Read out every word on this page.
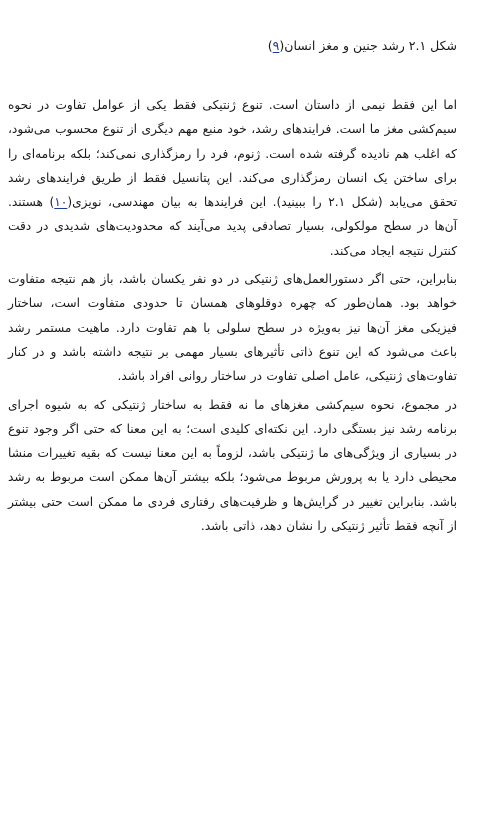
شکل ۲.۱ رشد جنین و مغز انسان(۹)

اما این فقط نیمی از داستان است. تنوع ژنتیکی فقط یکی از عوامل تفاوت در نحوه سیم‌کشی مغز ما است. فرایندهای رشد، خود منبع مهم دیگری از تنوع محسوب می‌شود، که اغلب هم نادیده گرفته شده است. ژنوم، فرد را رمزگذاری نمی‌کند؛ بلکه برنامه‌ای را برای ساختن یک انسان رمزگذاری می‌کند. این پتانسیل فقط از طریق فرایندهای رشد تحقق می‌یابد (شکل ۲.۱ را ببینید). این فرایندها به بیان مهندسی، نویزی(۱۰) هستند. آن‌ها در سطح مولکولی، بسیار تصادفی پدید می‌آیند که محدودیت‌های شدیدی در دقت کنترل نتیجه ایجاد می‌کند.

بنابراین، حتی اگر دستورالعمل‌های ژنتیکی در دو نفر یکسان باشد، باز هم نتیجه متفاوت خواهد بود. همان‌طور که چهره دوقلوهای همسان تا حدودی متفاوت است، ساختار فیزیکی مغز آن‌ها نیز به‌ویژه در سطح سلولی با هم تفاوت دارد. ماهیت مستمر رشد باعث می‌شود که این تنوع ذاتی تأثیرهای بسیار مهمی بر نتیجه داشته باشد و در کنار تفاوت‌های ژنتیکی، عامل اصلی تفاوت در ساختار روانی افراد باشد.

در مجموع، نحوه سیم‌کشی مغزهای ما نه فقط به ساختار ژنتیکی که به شیوه اجرای برنامه رشد نیز بستگی دارد. این نکته‌ای کلیدی است؛ به این معنا که حتی اگر وجود تنوع در بسیاری از ویژگی‌های ما ژنتیکی باشد، لزوماً به این معنا نیست که بقیه تغییرات منشا محیطی دارد یا به پرورش مربوط می‌شود؛ بلکه بیشتر آن‌ها ممکن است مربوط به رشد باشد. بنابراین تغییر در گرایش‌ها و ظرفیت‌های رفتاری فردی ما ممکن است حتی بیشتر از آنچه فقط تأثیر ژنتیکی را نشان دهد، ذاتی باشد.
